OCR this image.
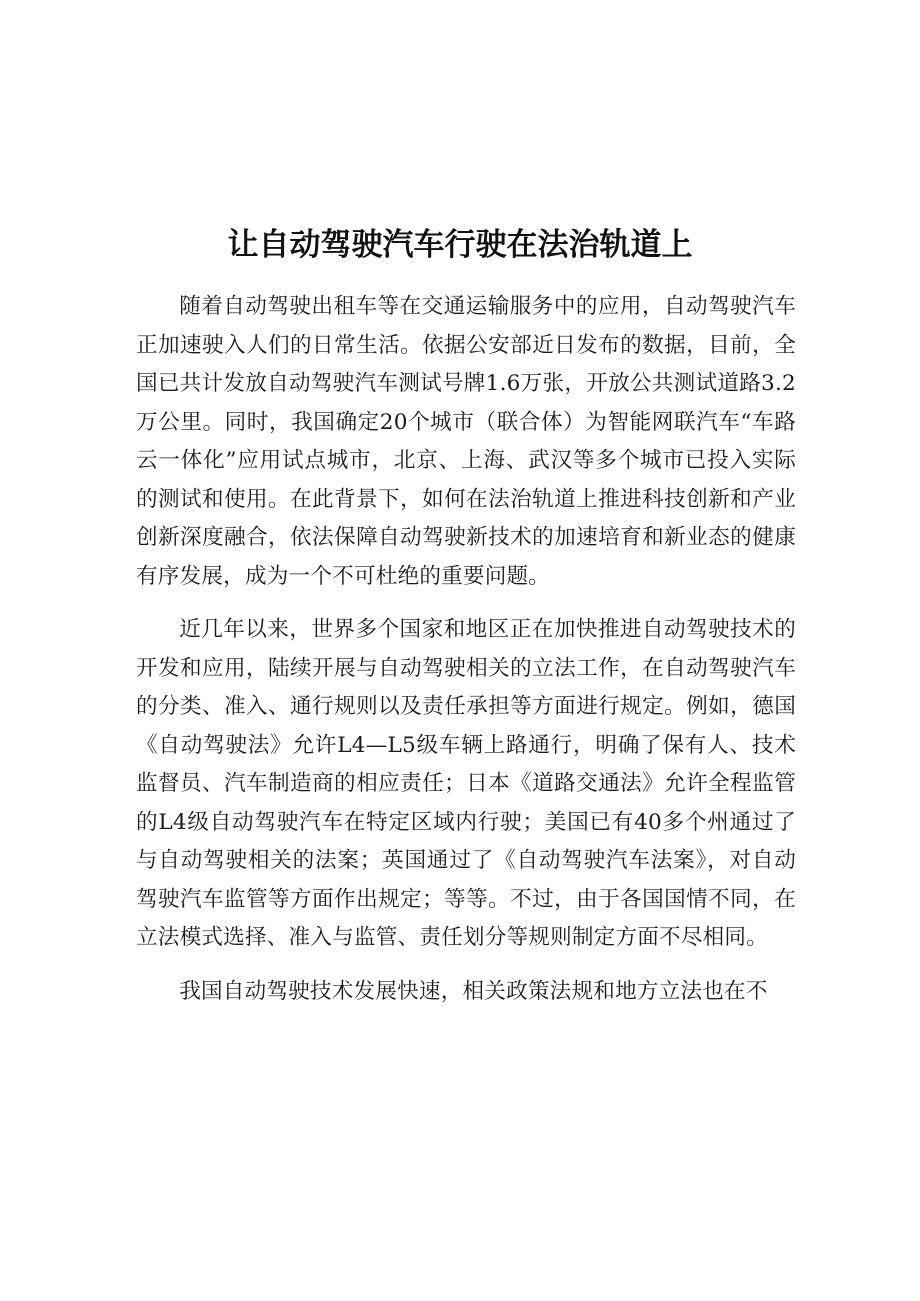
让自动驾驶汽车行驶在法治轨道上

随着自动驾驶出租车等在交通运输服务中的应用，自动驾驶汽车正加速驶入人们的日常生活。依据公安部近日发布的数据，目前，全国已共计发放自动驾驶汽车测试号牌1.6万张，开放公共测试道路3.2万公里。同时，我国确定20个城市（联合体）为智能网联汽车“车路云一体化”应用试点城市，北京、上海、武汉等多个城市已投入实际的测试和使用。在此背景下，如何在法治轨道上推进科技创新和产业创新深度融合，依法保障自动驾驶新技术的加速培育和新业态的健康有序发展，成为一个不可杜绝的重要问题。

近几年以来，世界多个国家和地区正在加快推进自动驾驶技术的开发和应用，陆续开展与自动驾驶相关的立法工作，在自动驾驶汽车的分类、准入、通行规则以及责任承担等方面进行规定。例如，德国《自动驾驶法》允许L4—L5级车辆上路通行，明确了保有人、技术监督员、汽车制造商的相应责任；日本《道路交通法》允许全程监管的L4级自动驾驶汽车在特定区域内行驶；美国已有40多个州通过了与自动驾驶相关的法案；英国通过了《自动驾驶汽车法案》，对自动驾驶汽车监管等方面作出规定；等等。不过，由于各国国情不同，在立法模式选择、准入与监管、责任划分等规则制定方面不尽相同。

我国自动驾驶技术发展快速，相关政策法规和地方立法也在不
